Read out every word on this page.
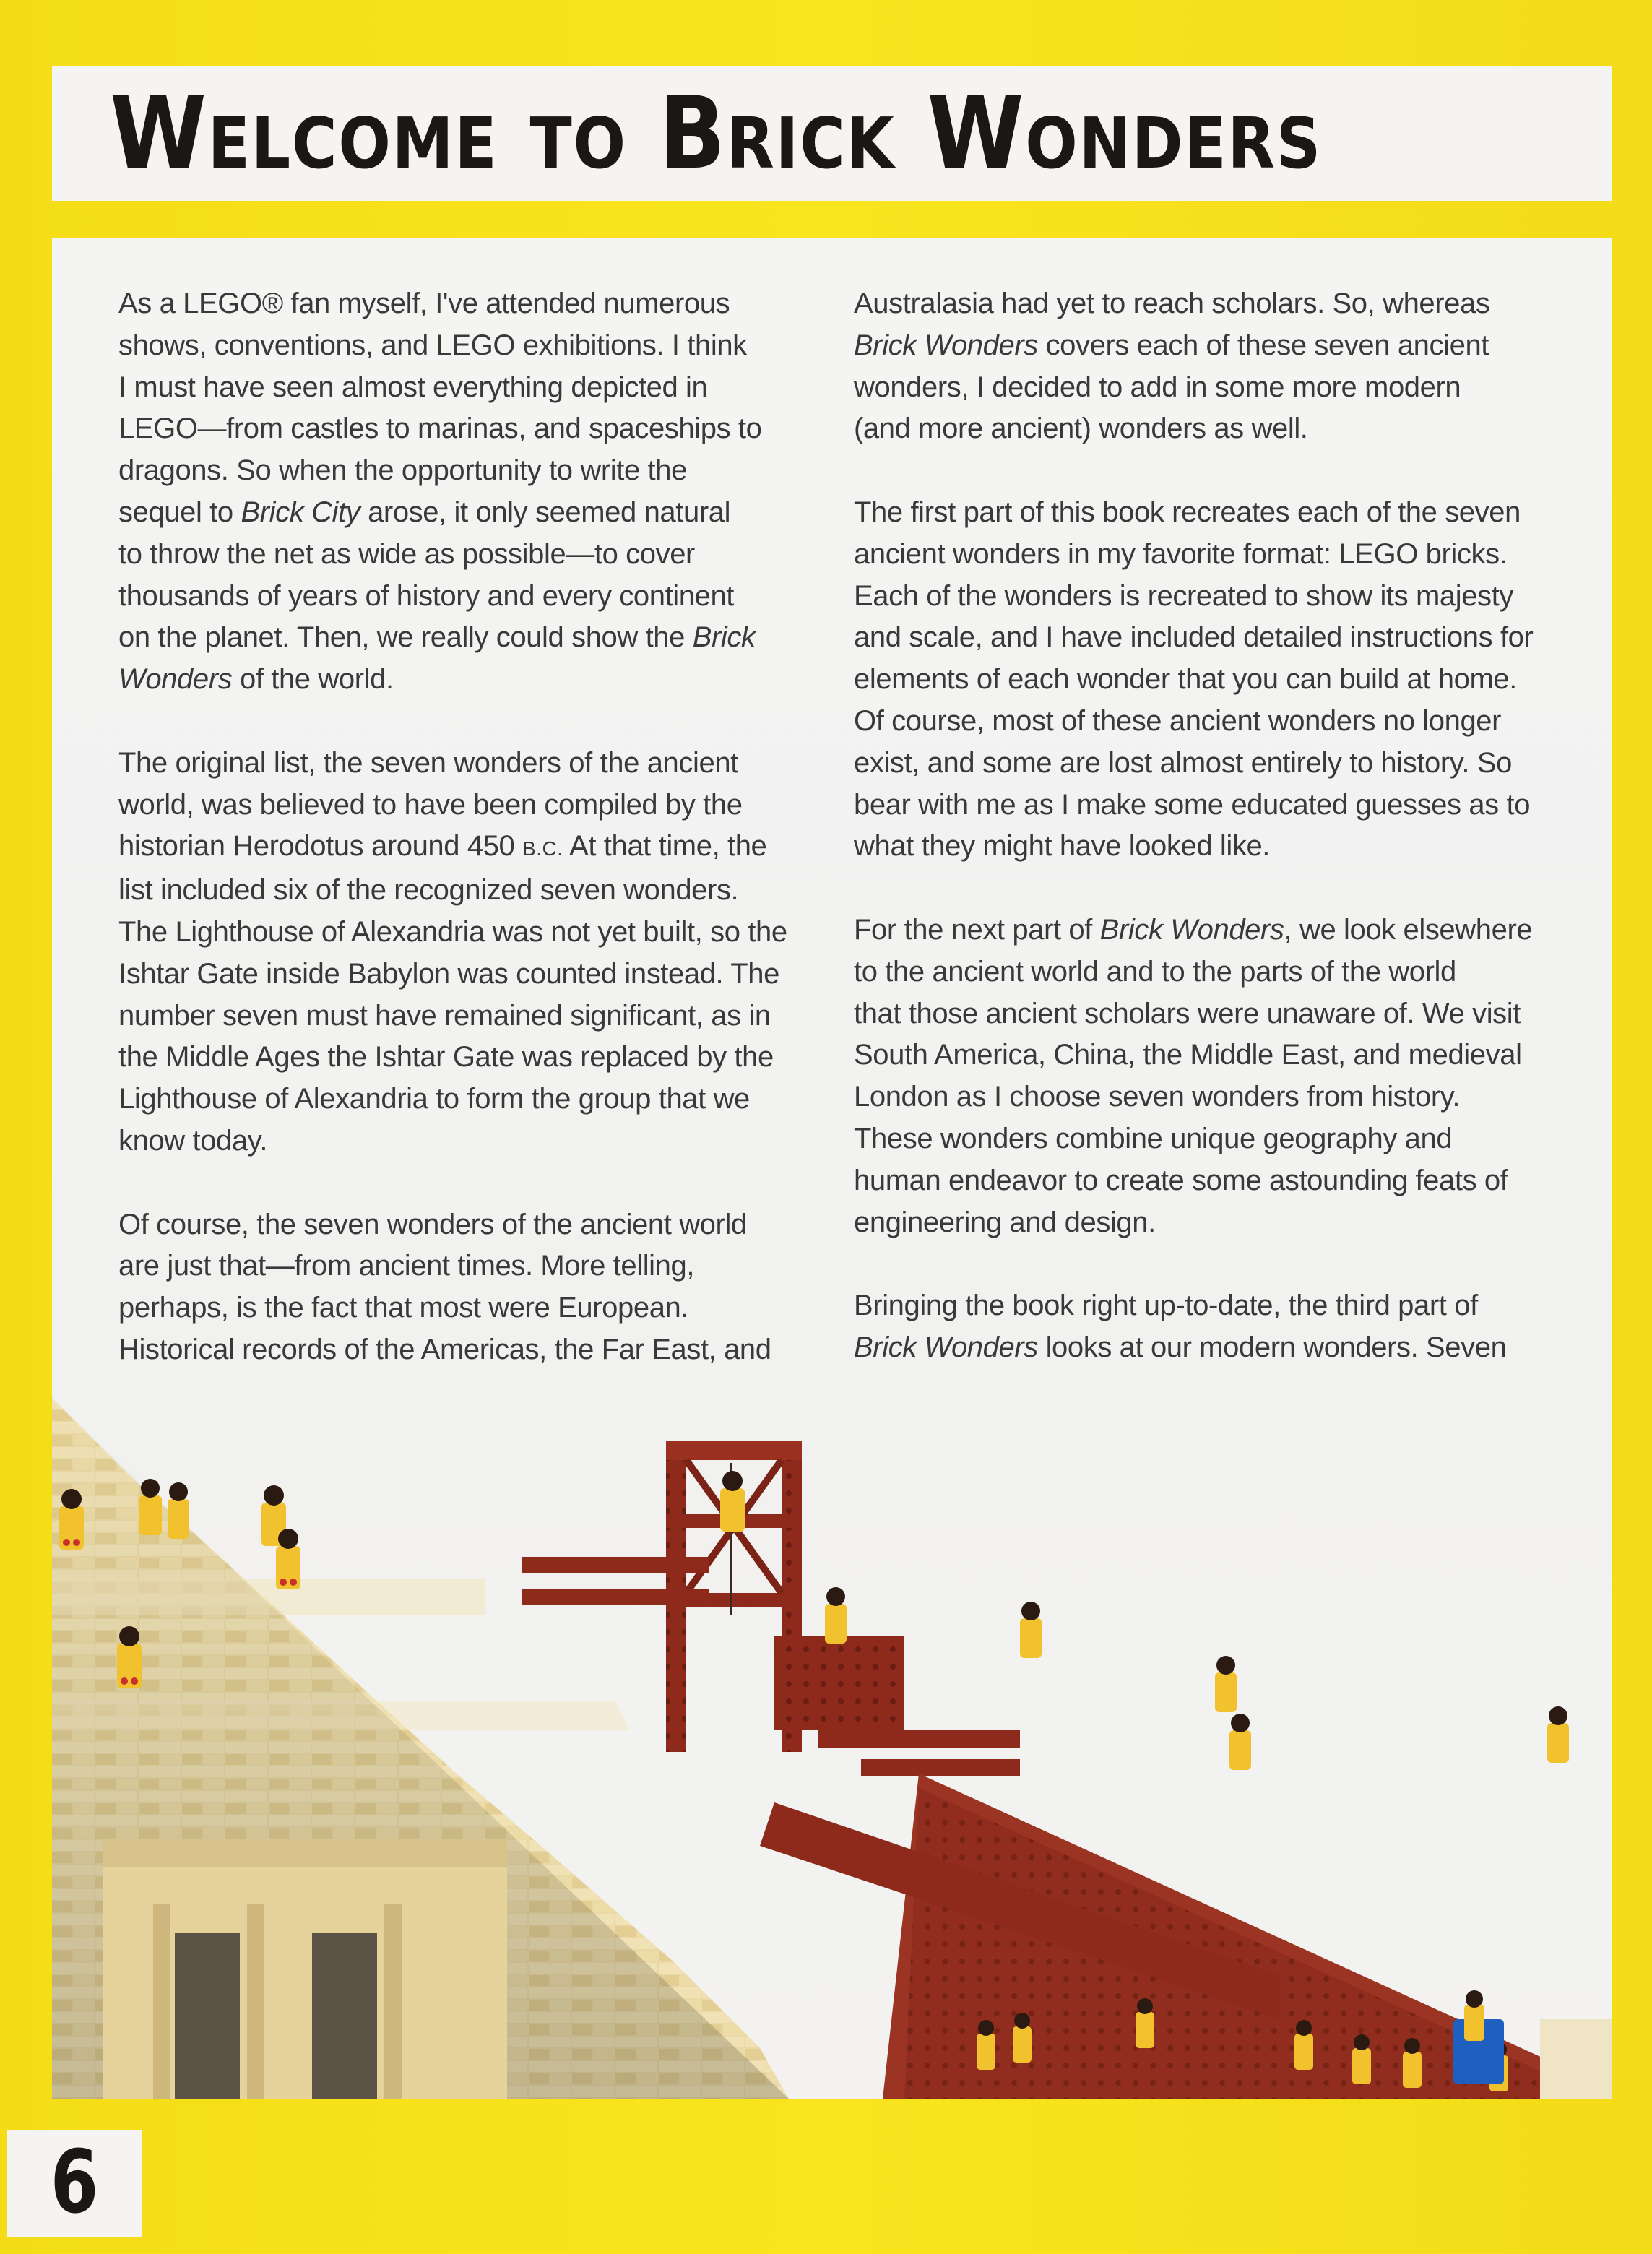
Welcome to Brick Wonders

As a LEGO® fan myself, I've attended numerous
shows, conventions, and LEGO exhibitions. I think
I must have seen almost everything depicted in
LEGO—from castles to marinas, and spaceships to
dragons. So when the opportunity to write the
sequel to Brick City arose, it only seemed natural
to throw the net as wide as possible—to cover
thousands of years of history and every continent
on the planet. Then, we really could show the Brick
Wonders of the world.

The original list, the seven wonders of the ancient
world, was believed to have been compiled by the
historian Herodotus around 450 B.C. At that time, the
list included six of the recognized seven wonders.
The Lighthouse of Alexandria was not yet built, so the
Ishtar Gate inside Babylon was counted instead. The
number seven must have remained significant, as in
the Middle Ages the Ishtar Gate was replaced by the
Lighthouse of Alexandria to form the group that we
know today.

Of course, the seven wonders of the ancient world
are just that—from ancient times. More telling,
perhaps, is the fact that most were European.
Historical records of the Americas, the Far East, and

Australasia had yet to reach scholars. So, whereas
Brick Wonders covers each of these seven ancient
wonders, I decided to add in some more modern
(and more ancient) wonders as well.

The first part of this book recreates each of the seven
ancient wonders in my favorite format: LEGO bricks.
Each of the wonders is recreated to show its majesty
and scale, and I have included detailed instructions for
elements of each wonder that you can build at home.
Of course, most of these ancient wonders no longer
exist, and some are lost almost entirely to history. So
bear with me as I make some educated guesses as to
what they might have looked like.

For the next part of Brick Wonders, we look elsewhere
to the ancient world and to the parts of the world
that those ancient scholars were unaware of. We visit
South America, China, the Middle East, and medieval
London as I choose seven wonders from history.
These wonders combine unique geography and
human endeavor to create some astounding feats of
engineering and design.

Bringing the book right up-to-date, the third part of
Brick Wonders looks at our modern wonders. Seven

6
